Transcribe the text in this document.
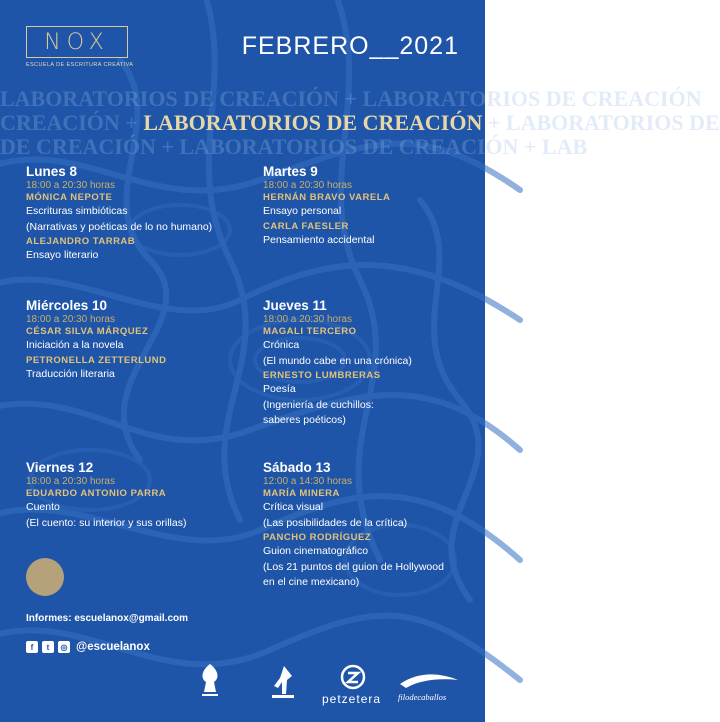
NOX
ESCUELA DE ESCRITURA CREATIVA
FEBRERO__2021
LABORATORIOS DE CREACIÓN + LABORATORIOS DE CREACIÓN
CREACIÓN + LABORATORIOS DE CREACIÓN + LABORATORIOS DE
DE CREACIÓN + LABORATORIOS DE CREACIÓN + LAB
Lunes 8
18:00 a 20:30 horas
MÓNICA NEPOTE
Escrituras simbióticas
(Narrativas y poéticas de lo no humano)
ALEJANDRO TARRAB
Ensayo literario
Martes 9
18:00 a 20:30 horas
HERNÁN BRAVO VARELA
Ensayo personal
CARLA FAESLER
Pensamiento accidental
Miércoles 10
18:00 a 20:30 horas
CÉSAR SILVA MÁRQUEZ
Iniciación a la novela
PETRONELLA ZETTERLUND
Traducción literaria
Jueves 11
18:00 a 20:30 horas
MAGALI TERCERO
Crónica
(El mundo cabe en una crónica)
ERNESTO LUMBRERAS
Poesía
(Ingeniería de cuchillos:
saberes poéticos)
Viernes 12
18:00 a 20:30 horas
EDUARDO ANTONIO PARRA
Cuento
(El cuento: su interior y sus orillas)
Sábado 13
12:00 a 14:30 horas
MARÍA MINERA
Crítica visual
(Las posibilidades de la crítica)
PANCHO RODRÍGUEZ
Guion cinematográfico
(Los 21 puntos del guion de Hollywood
en el cine mexicano)
Informes: escuelanox@gmail.com
f	t	◎ @escuelanox
petzetera filodecaballos
